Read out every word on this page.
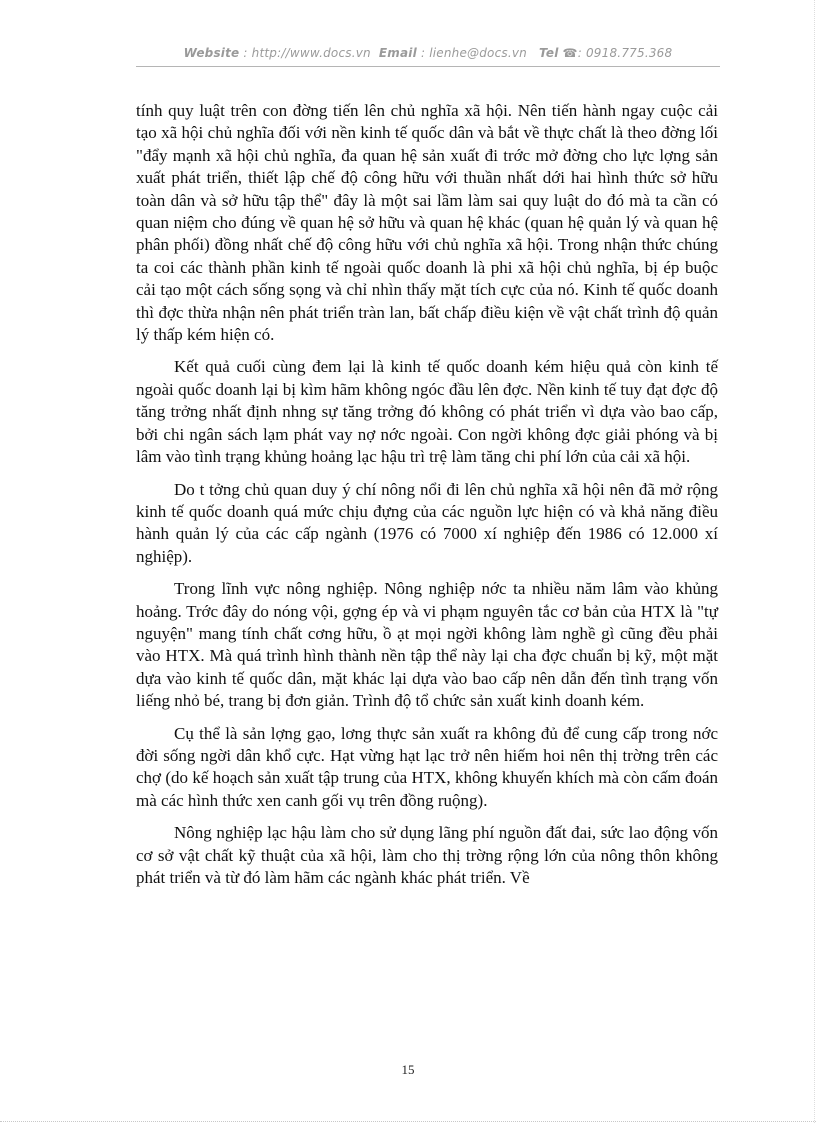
Website : http://www.docs.vn Email : lienhe@docs.vn Tel ☎: 0918.775.368

tính quy luật trên con đờng tiến lên chủ nghĩa xã hội. Nên tiến hành ngay cuộc cải tạo xã hội chủ nghĩa đối với nền kinh tế quốc dân và bắt về thực chất là theo đờng lối "đẩy mạnh xã hội chủ nghĩa, đa quan hệ sản xuất đi trớc mở đờng cho lực lợng sản xuất phát triển, thiết lập chế độ công hữu với thuần nhất dới hai hình thức sở hữu toàn dân và sở hữu tập thể" đây là một sai lầm làm sai quy luật do đó mà ta cần có quan niệm cho đúng về quan hệ sở hữu và quan hệ khác (quan hệ quản lý và quan hệ phân phối) đồng nhất chế độ công hữu với chủ nghĩa xã hội. Trong nhận thức chúng ta coi các thành phần kinh tế ngoài quốc doanh là phi xã hội chủ nghĩa, bị ép buộc cải tạo một cách sống sọng và chỉ nhìn thấy mặt tích cực của nó. Kinh tế quốc doanh thì đợc thừa nhận nên phát triển tràn lan, bất chấp điều kiện về vật chất trình độ quản lý thấp kém hiện có.

Kết quả cuối cùng đem lại là kinh tế quốc doanh kém hiệu quả còn kinh tế ngoài quốc doanh lại bị kìm hãm không ngóc đầu lên đợc. Nền kinh tế tuy đạt đợc độ tăng trởng nhất định nhng sự tăng trởng đó không có phát triển vì dựa vào bao cấp, bởi chi ngân sách lạm phát vay nợ nớc ngoài. Con ngời không đợc giải phóng và bị lâm vào tình trạng khủng hoảng lạc hậu trì trệ làm tăng chi phí lớn của cải xã hội.

Do t tởng chủ quan duy ý chí nông nổi đi lên chủ nghĩa xã hội nên đã mở rộng kinh tế quốc doanh quá mức chịu đựng của các nguồn lực hiện có và khả năng điều hành quản lý của các cấp ngành (1976 có 7000 xí nghiệp đến 1986 có 12.000 xí nghiệp).

Trong lĩnh vực nông nghiệp. Nông nghiệp nớc ta nhiều năm lâm vào khủng hoảng. Trớc đây do nóng vội, gợng ép và vi phạm nguyên tắc cơ bản của HTX là "tự nguyện" mang tính chất cơng hữu, ồ ạt mọi ngời không làm nghề gì cũng đều phải vào HTX. Mà quá trình hình thành nền tập thể này lại cha đợc chuẩn bị kỹ, một mặt dựa vào kinh tế quốc dân, mặt khác lại dựa vào bao cấp nên dẫn đến tình trạng vốn liếng nhỏ bé, trang bị đơn giản. Trình độ tổ chức sản xuất kinh doanh kém.

Cụ thể là sản lợng gạo, lơng thực sản xuất ra không đủ để cung cấp trong nớc đời sống ngời dân khổ cực. Hạt vừng hạt lạc trở nên hiếm hoi nên thị trờng trên các chợ (do kế hoạch sản xuất tập trung của HTX, không khuyến khích mà còn cấm đoán mà các hình thức xen canh gối vụ trên đồng ruộng).

Nông nghiệp lạc hậu làm cho sử dụng lãng phí nguồn đất đai, sức lao động vốn cơ sở vật chất kỹ thuật của xã hội, làm cho thị trờng rộng lớn của nông thôn không phát triển và từ đó làm hãm các ngành khác phát triển. Về

15
